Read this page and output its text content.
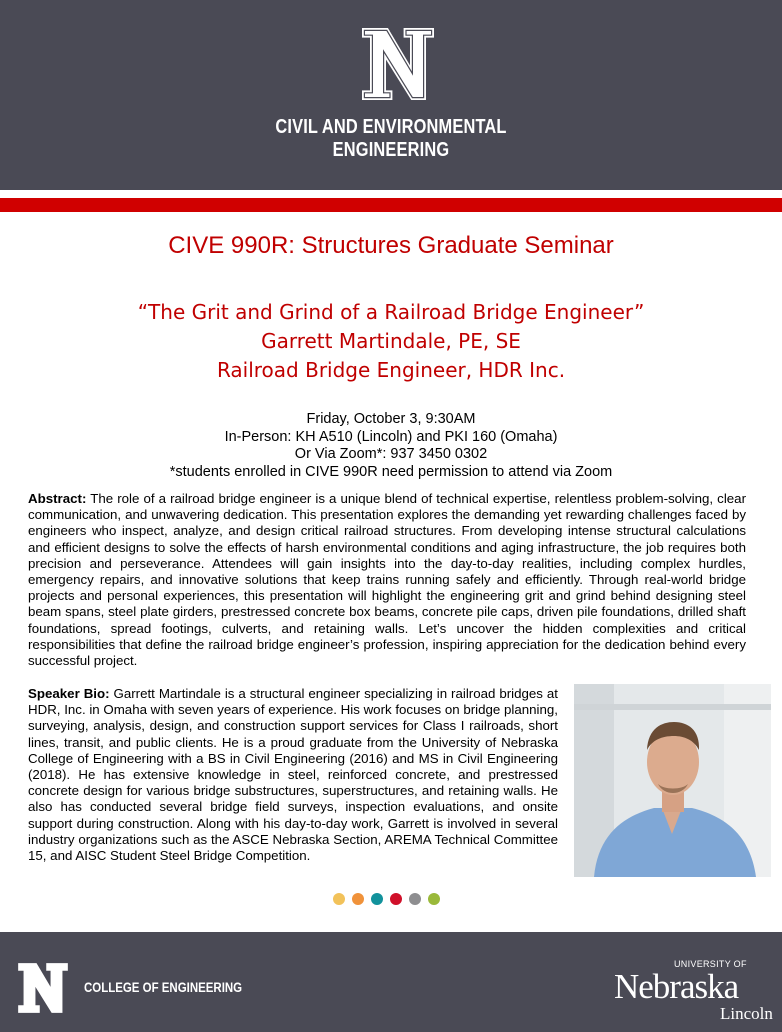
CIVIL AND ENVIRONMENTAL
ENGINEERING
CIVE 990R: Structures Graduate Seminar
“The Grit and Grind of a Railroad Bridge Engineer”
Garrett Martindale, PE, SE
Railroad Bridge Engineer, HDR Inc.
Friday, October 3, 9:30AM
In-Person: KH A510 (Lincoln) and PKI 160 (Omaha)
Or Via Zoom*: 937 3450 0302
*students enrolled in CIVE 990R need permission to attend via Zoom
Abstract: The role of a railroad bridge engineer is a unique blend of technical expertise, relentless problem-solving, clear communication, and unwavering dedication. This presentation explores the demanding yet rewarding challenges faced by engineers who inspect, analyze, and design critical railroad structures. From developing intense structural calculations and efficient designs to solve the effects of harsh environmental conditions and aging infrastructure, the job requires both precision and perseverance. Attendees will gain insights into the day-to-day realities, including complex hurdles, emergency repairs, and innovative solutions that keep trains running safely and efficiently. Through real-world bridge projects and personal experiences, this presentation will highlight the engineering grit and grind behind designing steel beam spans, steel plate girders, prestressed concrete box beams, concrete pile caps, driven pile foundations, drilled shaft foundations, spread footings, culverts, and retaining walls. Let’s uncover the hidden complexities and critical responsibilities that define the railroad bridge engineer’s profession, inspiring appreciation for the dedication behind every successful project.
Speaker Bio: Garrett Martindale is a structural engineer specializing in railroad bridges at HDR, Inc. in Omaha with seven years of experience. His work focuses on bridge planning, surveying, analysis, design, and construction support services for Class I railroads, short lines, transit, and public clients. He is a proud graduate from the University of Nebraska College of Engineering with a BS in Civil Engineering (2016) and MS in Civil Engineering (2018). He has extensive knowledge in steel, reinforced concrete, and prestressed concrete design for various bridge substructures, superstructures, and retaining walls. He also has conducted several bridge field surveys, inspection evaluations, and onsite support during construction. Along with his day-to-day work, Garrett is involved in several industry organizations such as the ASCE Nebraska Section, AREMA Technical Committee 15, and AISC Student Steel Bridge Competition.
COLLEGE OF ENGINEERING
UNIVERSITY OF
Nebraska
Lincoln
